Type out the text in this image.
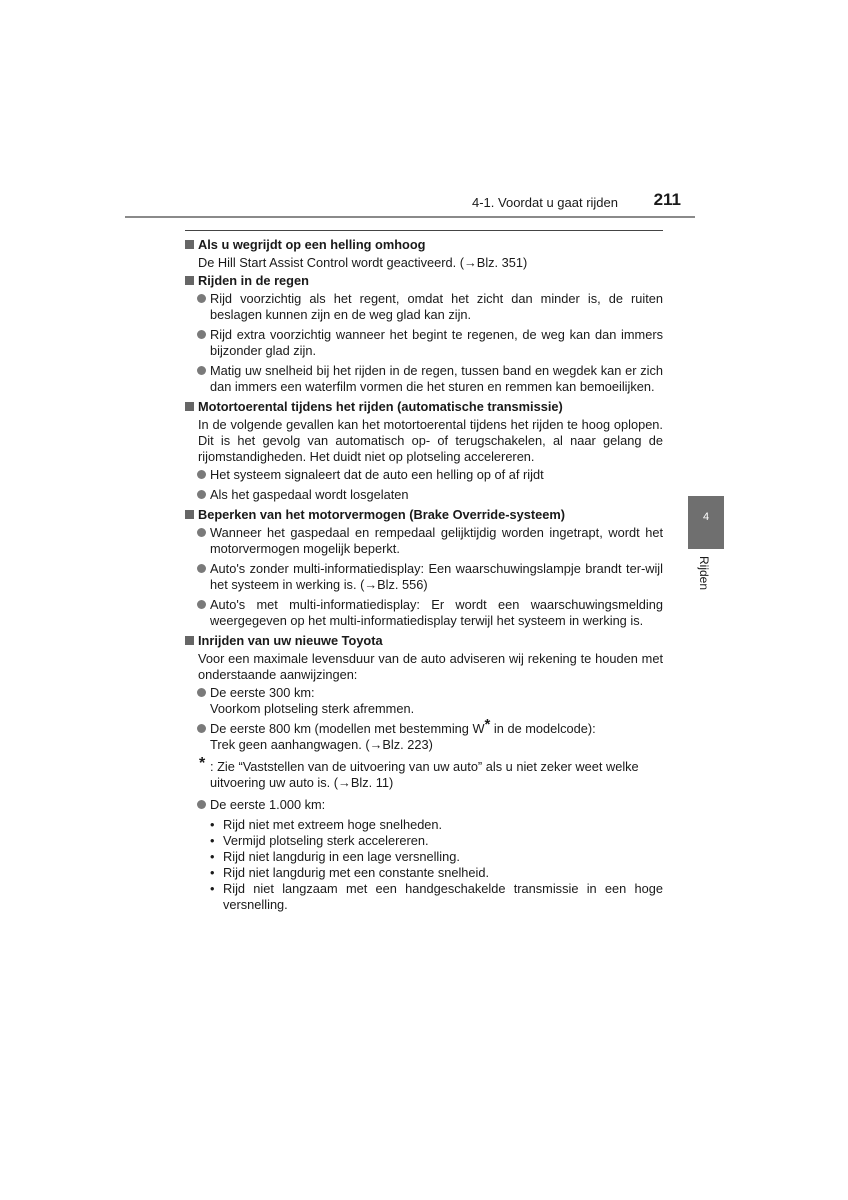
4-1. Voordat u gaat rijden 211
4
Rijden
Als u wegrijdt op een helling omhoog
De Hill Start Assist Control wordt geactiveerd. (→Blz. 351)
Rijden in de regen
Rijd voorzichtig als het regent, omdat het zicht dan minder is, de ruiten beslagen kunnen zijn en de weg glad kan zijn.
Rijd extra voorzichtig wanneer het begint te regenen, de weg kan dan immers bijzonder glad zijn.
Matig uw snelheid bij het rijden in de regen, tussen band en wegdek kan er zich dan immers een waterfilm vormen die het sturen en remmen kan bemoeilijken.
Motortoerental tijdens het rijden (automatische transmissie)
In de volgende gevallen kan het motortoerental tijdens het rijden te hoog oplopen. Dit is het gevolg van automatisch op- of terugschakelen, al naar gelang de rijomstandigheden. Het duidt niet op plotseling accelereren.
Het systeem signaleert dat de auto een helling op of af rijdt
Als het gaspedaal wordt losgelaten
Beperken van het motorvermogen (Brake Override-systeem)
Wanneer het gaspedaal en rempedaal gelijktijdig worden ingetrapt, wordt het motorvermogen mogelijk beperkt.
Auto's zonder multi-informatiedisplay: Een waarschuwingslampje brandt ter-wijl het systeem in werking is. (→Blz. 556)
Auto's met multi-informatiedisplay: Er wordt een waarschuwingsmelding weergegeven op het multi-informatiedisplay terwijl het systeem in werking is.
Inrijden van uw nieuwe Toyota
Voor een maximale levensduur van de auto adviseren wij rekening te houden met onderstaande aanwijzingen:
De eerste 300 km:
Voorkom plotseling sterk afremmen.
De eerste 800 km (modellen met bestemming W* in de modelcode):
Trek geen aanhangwagen. (→Blz. 223)
* : Zie “Vaststellen van de uitvoering van uw auto” als u niet zeker weet welke uitvoering uw auto is. (→Blz. 11)
De eerste 1.000 km:
• Rijd niet met extreem hoge snelheden.
• Vermijd plotseling sterk accelereren.
• Rijd niet langdurig in een lage versnelling.
• Rijd niet langdurig met een constante snelheid.
• Rijd niet langzaam met een handgeschakelde transmissie in een hoge versnelling.
